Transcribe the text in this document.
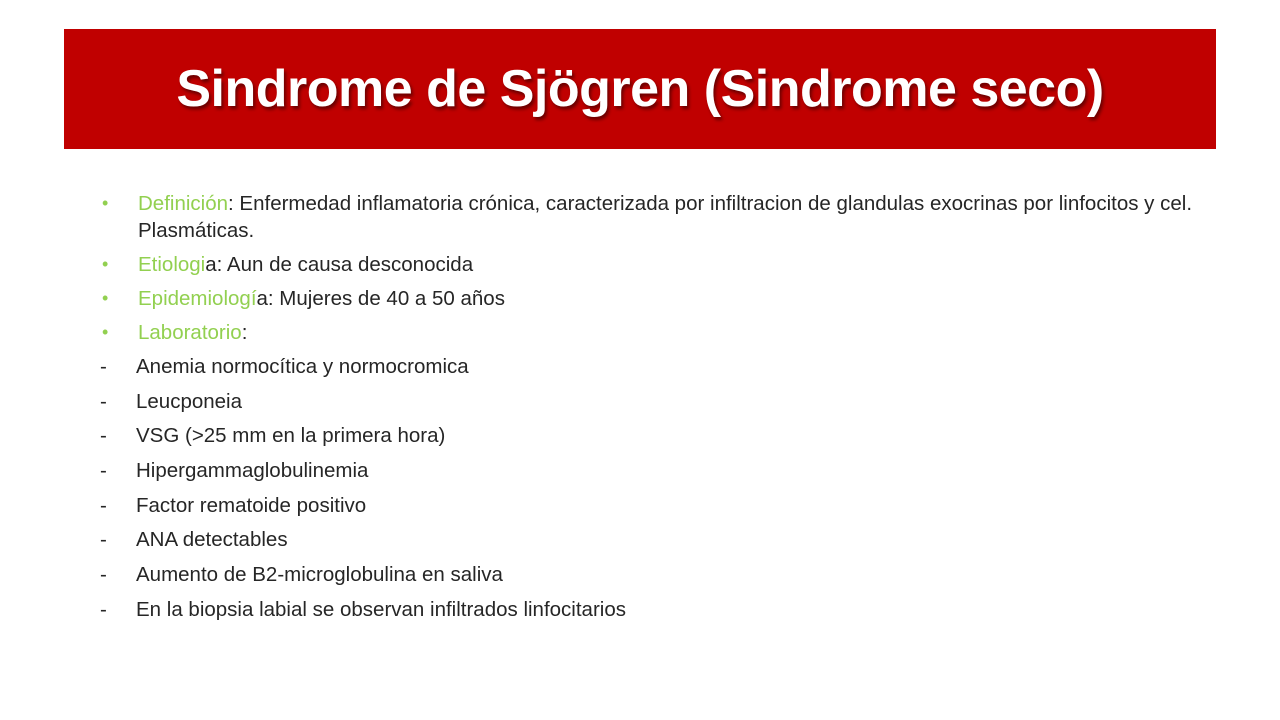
Sindrome de Sjögren (Sindrome seco)
•	Definición: Enfermedad inflamatoria crónica, caracterizada por infiltracion de glandulas exocrinas por linfocitos y cel. Plasmáticas.
•	Etiologia: Aun de causa desconocida
•	Epidemiología: Mujeres de 40 a 50 años
•	Laboratorio:
-	Anemia normocítica y normocromica
-	Leucponeia
-	VSG (>25 mm en la primera hora)
-	Hipergammaglobulinemia
-	Factor rematoide positivo
-	ANA detectables
-	Aumento de B2-microglobulina en saliva
-	En la biopsia labial se observan infiltrados linfocitarios
